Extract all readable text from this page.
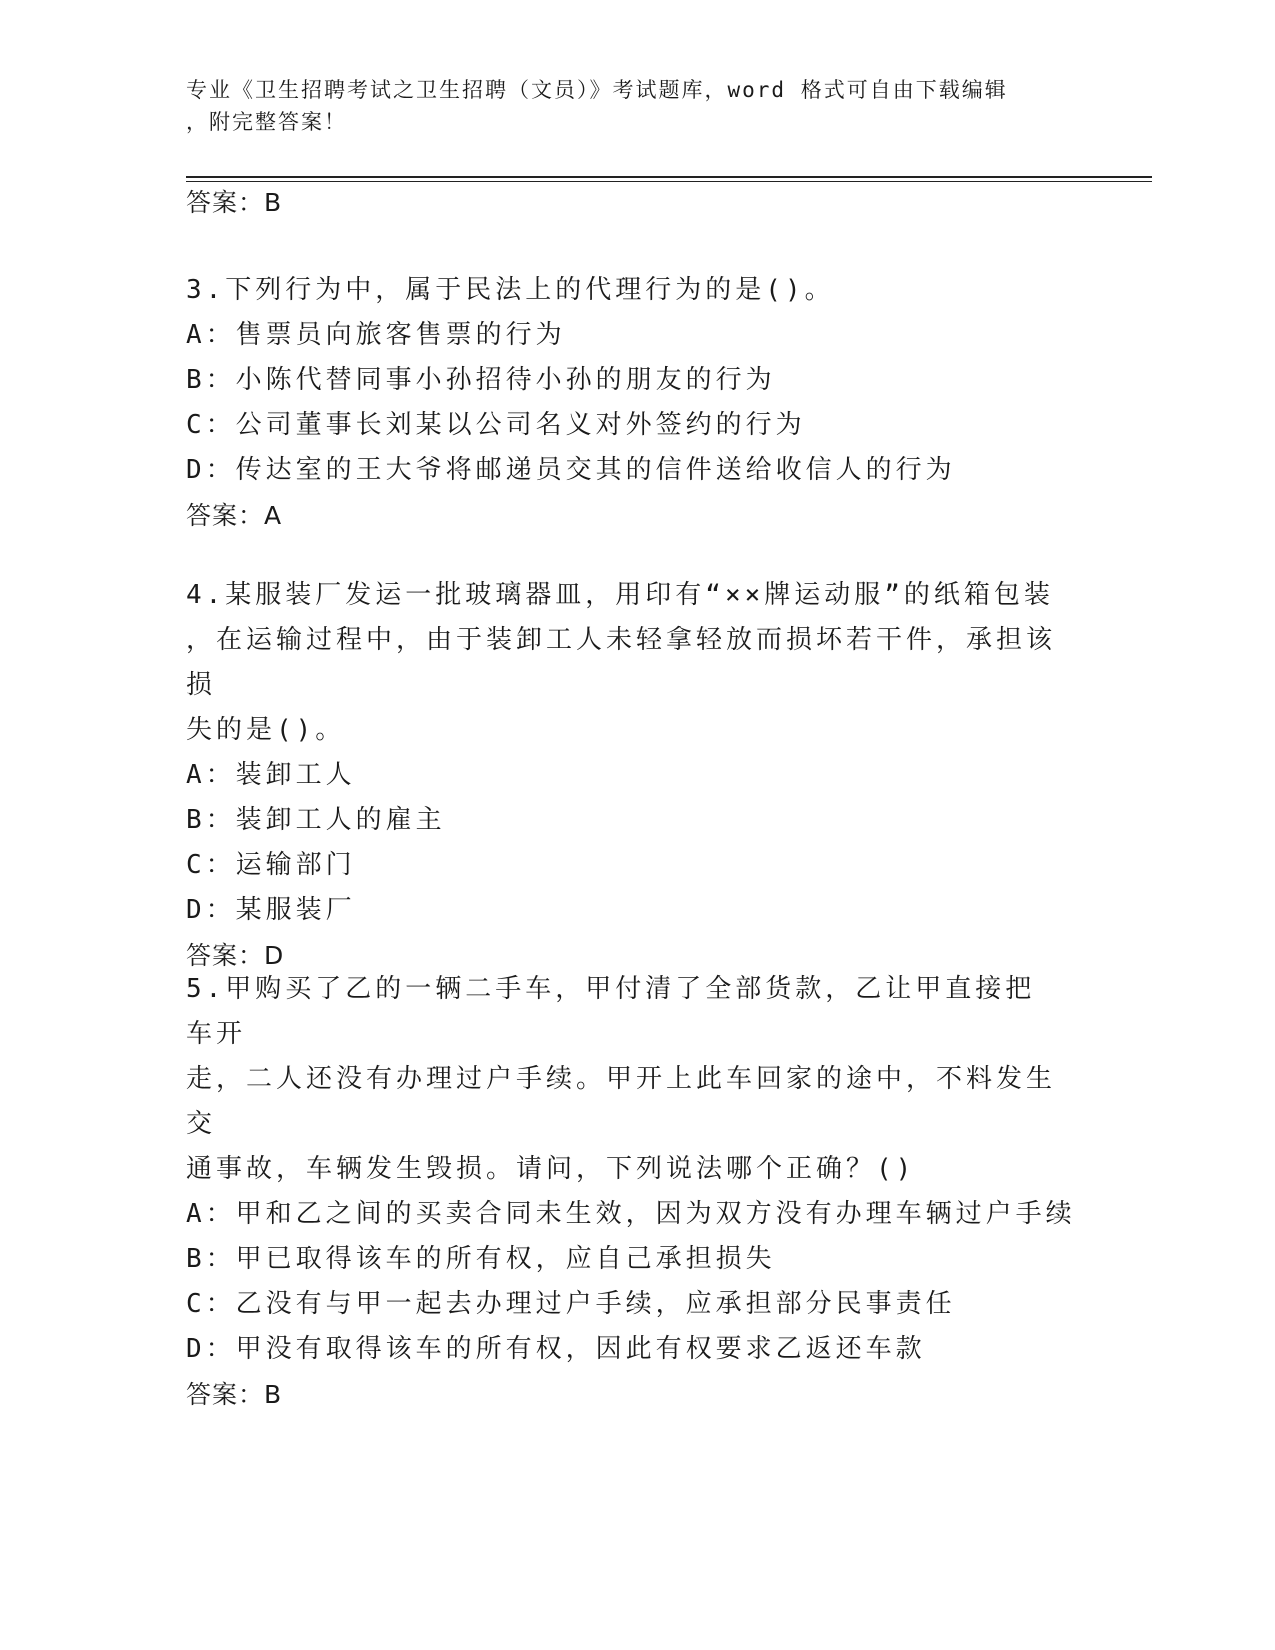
专业《卫生招聘考试之卫生招聘（文员）》考试题库，word 格式可自由下载编辑
，附完整答案！
答案：B
3.下列行为中，属于民法上的代理行为的是()。
A：售票员向旅客售票的行为
B：小陈代替同事小孙招待小孙的朋友的行为
C：公司董事长刘某以公司名义对外签约的行为
D：传达室的王大爷将邮递员交其的信件送给收信人的行为
答案：A
4.某服装厂发运一批玻璃器皿，用印有“××牌运动服”的纸箱包装
，在运输过程中，由于装卸工人未轻拿轻放而损坏若干件，承担该损
失的是()。
A：装卸工人
B：装卸工人的雇主
C：运输部门
D：某服装厂
答案：D
5.甲购买了乙的一辆二手车，甲付清了全部货款，乙让甲直接把车开
走，二人还没有办理过户手续。甲开上此车回家的途中，不料发生交
通事故，车辆发生毁损。请问，下列说法哪个正确？()
A：甲和乙之间的买卖合同未生效，因为双方没有办理车辆过户手续
B：甲已取得该车的所有权，应自己承担损失
C：乙没有与甲一起去办理过户手续，应承担部分民事责任
D：甲没有取得该车的所有权，因此有权要求乙返还车款
答案：B
